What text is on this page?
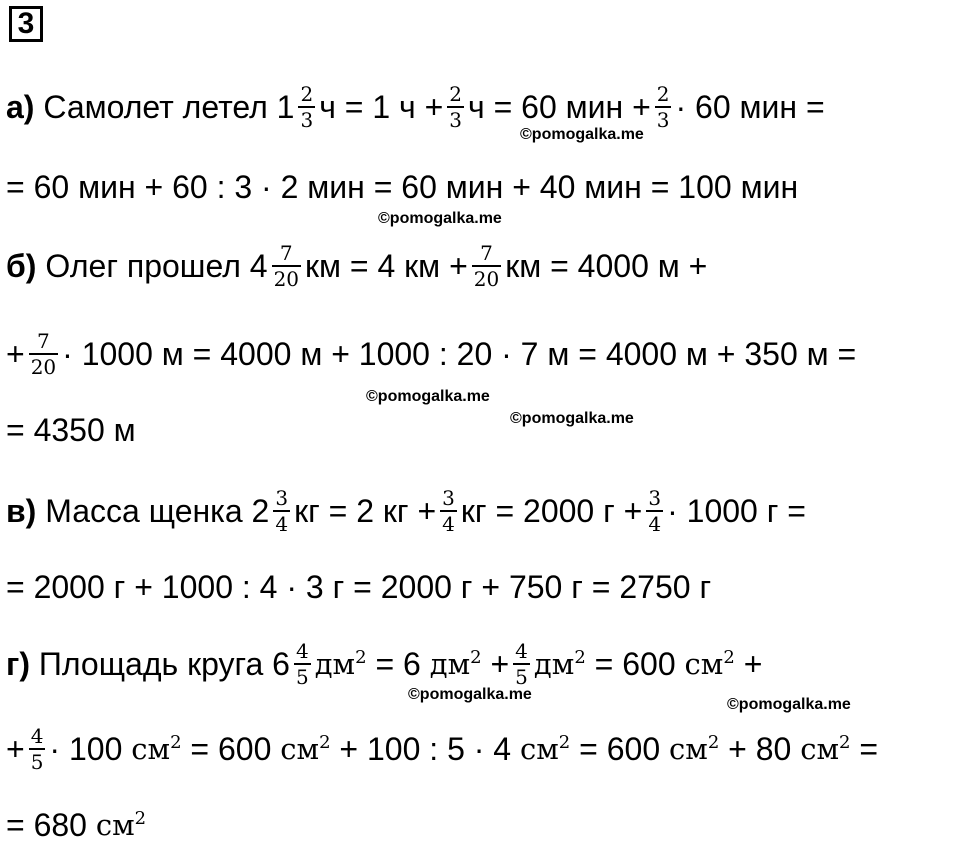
3
а) Самолет летел $1 \frac{2}{3}$ ч = 1 $ч + \frac{2}{3}$ ч = 60 мин + $\frac{2}{3} \cdot 60$ мин =
©pomogalka.me
= 60 мин + 60 : 3 · 2 мин = 60 мин + 40 мин = 100 мин
©pomogalka.me
б) Олег прошел $4 \frac{7}{20}$ км = 4 км + $\frac{7}{20}$ км = 4000 м +
+ $\frac{7}{20} \cdot 1000$ м = 4000 м + 1000 : 20 · 7 м = 4000 м + 350 м =
©pomogalka.me
©pomogalka.me
= 4350 м
в) Масса щенка $2 \frac{3}{4}$ кг = 2 кг + $\frac{3}{4}$ кг = 2000 $г + \frac{3}{4} \cdot 1000$ г =
= 2000 г + 1000 : 4 · 3 г = 2000 г + 750 г = 2750 г
г) Площадь круга $6 \frac{4}{5} дм^2 = 6$ $дм^2 + \frac{4}{5} дм^2 = 600$ $см^2$ +
©pomogalka.me
©pomogalka.me
+ $\frac{4}{5} \cdot 100$ $см^2 = 600$ $см^2 + 100$ : 5 · 4 $см^2 = 600$ $см^2 + 80$ $см^2$ =
= 680 $см^2$
